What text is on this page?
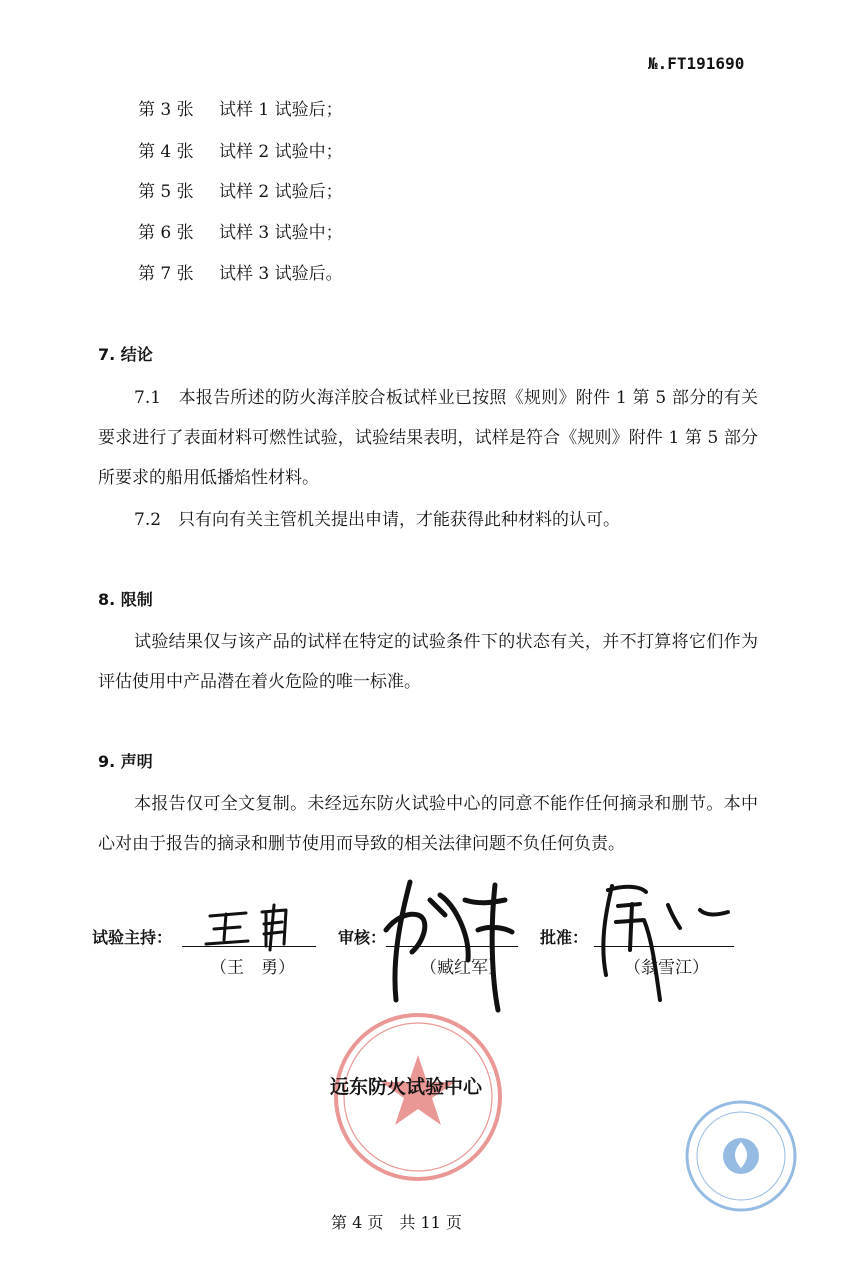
№.FT191690
第 3 张 试样 1 试验后；
第 4 张 试样 2 试验中；
第 5 张 试样 2 试验后；
第 6 张 试样 3 试验中；
第 7 张 试样 3 试验后。
7. 结论
7.1　本报告所述的防火海洋胶合板试样业已按照《规则》附件 1 第 5 部分的有关要求进行了表面材料可燃性试验，试验结果表明，试样是符合《规则》附件 1 第 5 部分所要求的船用低播焰性材料。
7.2　只有向有关主管机关提出申请，才能获得此种材料的认可。
8. 限制
试验结果仅与该产品的试样在特定的试验条件下的状态有关，并不打算将它们作为评估使用中产品潜在着火危险的唯一标准。
9. 声明
本报告仅可全文复制。未经远东防火试验中心的同意不能作任何摘录和删节。本中心对由于报告的摘录和删节使用而导致的相关法律问题不负任何负责。
试验主持：
（王　勇）
审核：
（臧红军）
批准：
（翁雪江）
远东防火试验中心
第 4 页　共 11 页
